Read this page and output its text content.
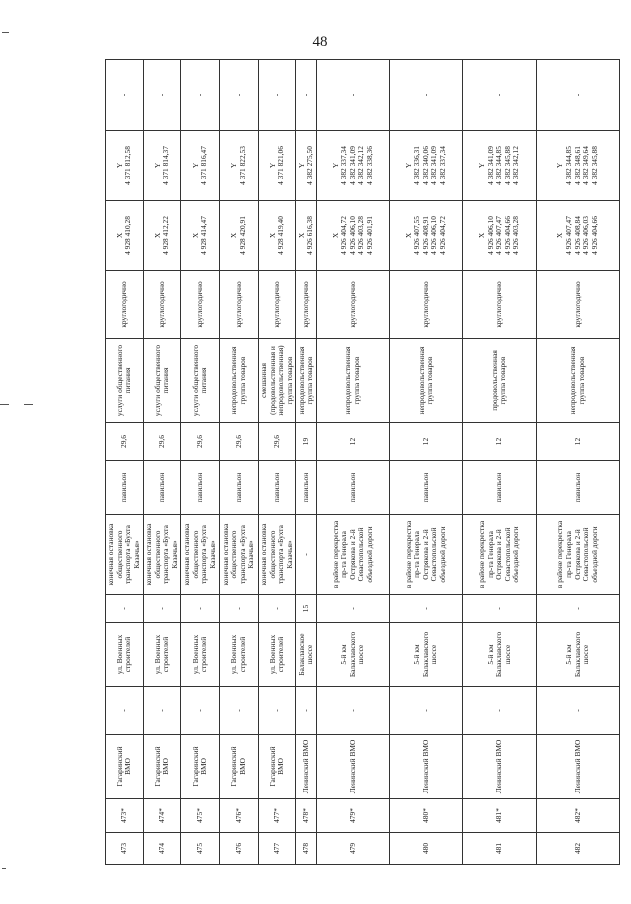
48
473	473*	Гагаринский ВМО	-	ул. Военных строителей	-	конечная остановка общественного транспорта «Бухта Казачья»	павильон	29,6	услуги общественного питания	круглогодично	X 4 928 410,28	Y 4 371 812,58	-
474	474*	Гагаринский ВМО	-	ул. Военных строителей	-	конечная остановка общественного транспорта «Бухта Казачья»	павильон	29,6	услуги общественного питания	круглогодично	X 4 928 412,22	Y 4 371 814,37	-
475	475*	Гагаринский ВМО	-	ул. Военных строителей	-	конечная остановка общественного транспорта «Бухта Казачья»	павильон	29,6	услуги общественного питания	круглогодично	X 4 928 414,47	Y 4 371 816,47	-
476	476*	Гагаринский ВМО	-	ул. Военных строителей	-	конечная остановка общественного транспорта «Бухта Казачья»	павильон	29,6	непродовольственная группа товаров	круглогодично	X 4 928 420,91	Y 4 371 822,53	-
477	477*	Гагаринский ВМО	-	ул. Военных строителей	-	конечная остановка общественного транспорта «Бухта Казачья»	павильон	29,6	смешанная (продовольственная и непродовольственная) группа товаров	круглогодично	X 4 928 419,40	Y 4 371 821,06	-
478	478*	Ленинский ВМО	-	Балаклавское шоссе	15	-	павильон	19	непродовольственная группа товаров	круглогодично	X 4 926 616,38	Y 4 382 275,50	-
479	479*	Ленинский ВМО	-	5-й км Балаклавского шоссе	-	в районе перекрестка пр-та Генерала Острякова и 2-й Севастопольской объездной дороги	павильон	12	непродовольственная группа товаров	круглогодично	X 4 926 404,72 4 926 406,10 4 926 403,28 4 926 401,91	Y 4 382 337,34 4 382 341,09 4 382 342,12 4 382 338,36	-
480	480*	Ленинский ВМО	-	5-й км Балаклавского шоссе	-	в районе перекрестка пр-та Генерала Острякова и 2-й Севастопольской объездной дороги	павильон	12	непродовольственная группа товаров	круглогодично	X 4 926 407,55 4 926 408,91 4 926 406,10 4 926 404,72	Y 4 382 336,31 4 382 340,06 4 382 341,09 4 382 337,34	-
481	481*	Ленинский ВМО	-	5-й км Балаклавского шоссе	-	в районе перекрестка пр-та Генерала Острякова и 2-й Севастопольской объездной дороги	павильон	12	продовольственная группа товаров	круглогодично	X 4 926 406,10 4 926 407,47 4 926 404,66 4 926 403,28	Y 4 382 341,09 4 382 344,85 4 382 345,88 4 382 342,12	-
482	482*	Ленинский ВМО	-	5-й км Балаклавского шоссе	-	в районе перекрестка пр-та Генерала Острякова и 2-й Севастопольской объездной дороги	павильон	12	непродовольственная группа товаров	круглогодично	X 4 926 407,47 4 926 408,84 4 926 406,03 4 926 404,66	Y 4 382 344,85 4 382 348,61 4 382 349,64 4 382 345,88	-
